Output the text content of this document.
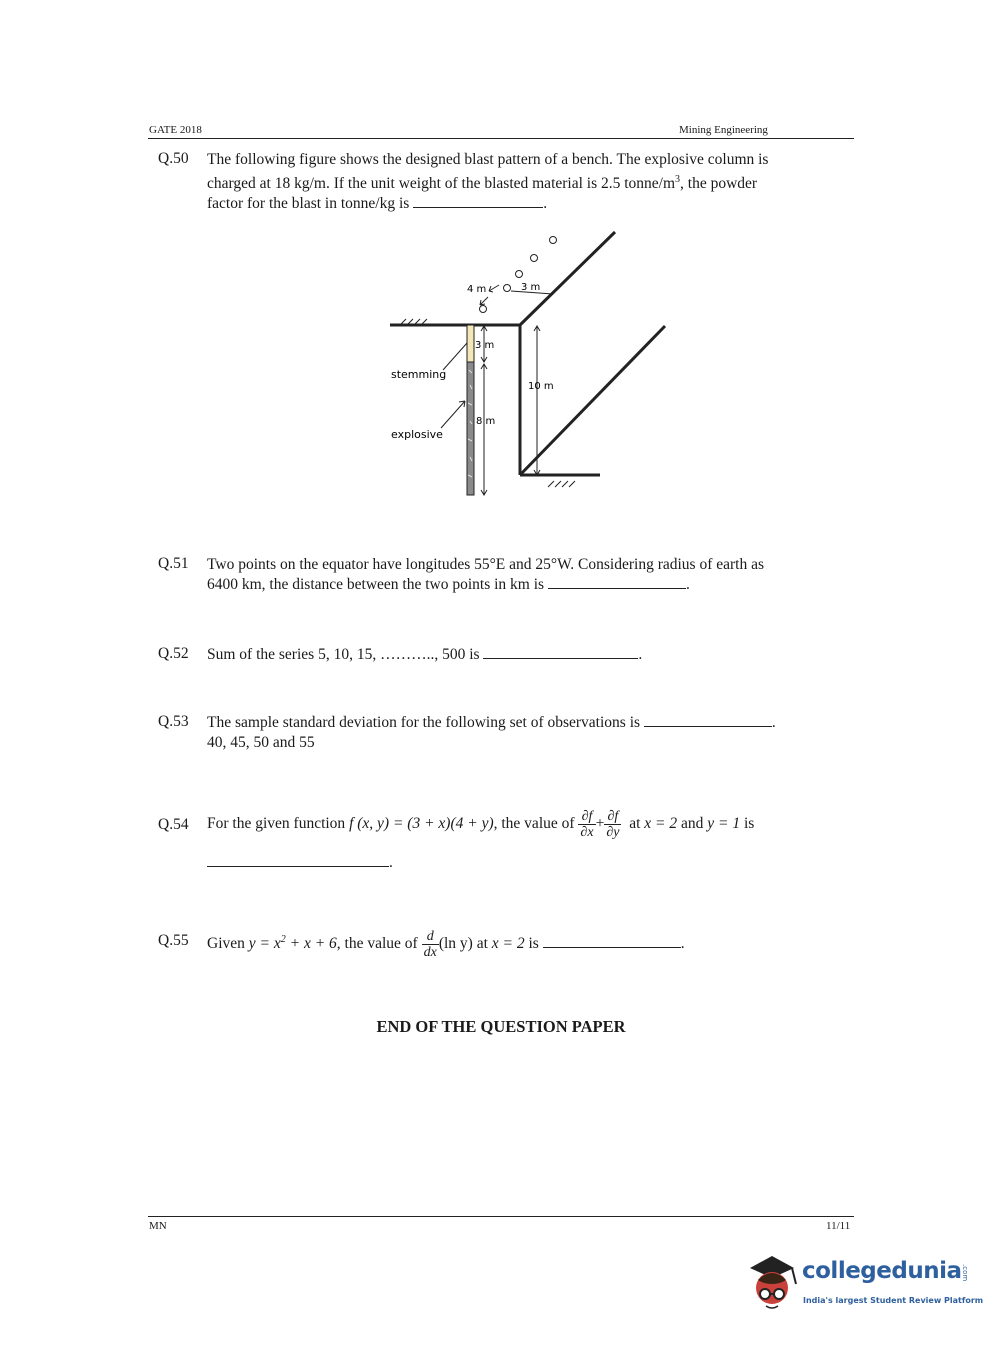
GATE 2018	Mining Engineering
Q.50 The following figure shows the designed blast pattern of a bench. The explosive column is
charged at 18 kg/m. If the unit weight of the blasted material is 2.5 tonne/$m^3$, the powder
factor for the blast in tonne/kg is	.
4 m	3 m
3 m
8 m
10 m
stemming
explosive
Q.51 Two points on the equator have longitudes 55°E and 25°W. Considering radius of earth as
6400 km, the distance between the two points in km is	.
Q.52 Sum of the series 5, 10, 15, ……….., 500 is	.
Q.53 The sample standard deviation for the following set of observations is	.
40, 45, 50 and 55
Q.54 For the given function f (x, y) = (3 + x)(4 + y), the value of $\frac{\partial f}{\partial x} + \frac{\partial f}{\partial y}$ at x = 2 and y = 1 is
.
Q.55 Given $y = x^2 + x + 6$, the value of $\frac{d}{dx} (\ln$ y) at x = 2 is	.
END OF THE QUESTION PAPER
MN	11/11
collegedunia .com
India's largest Student Review Platform
